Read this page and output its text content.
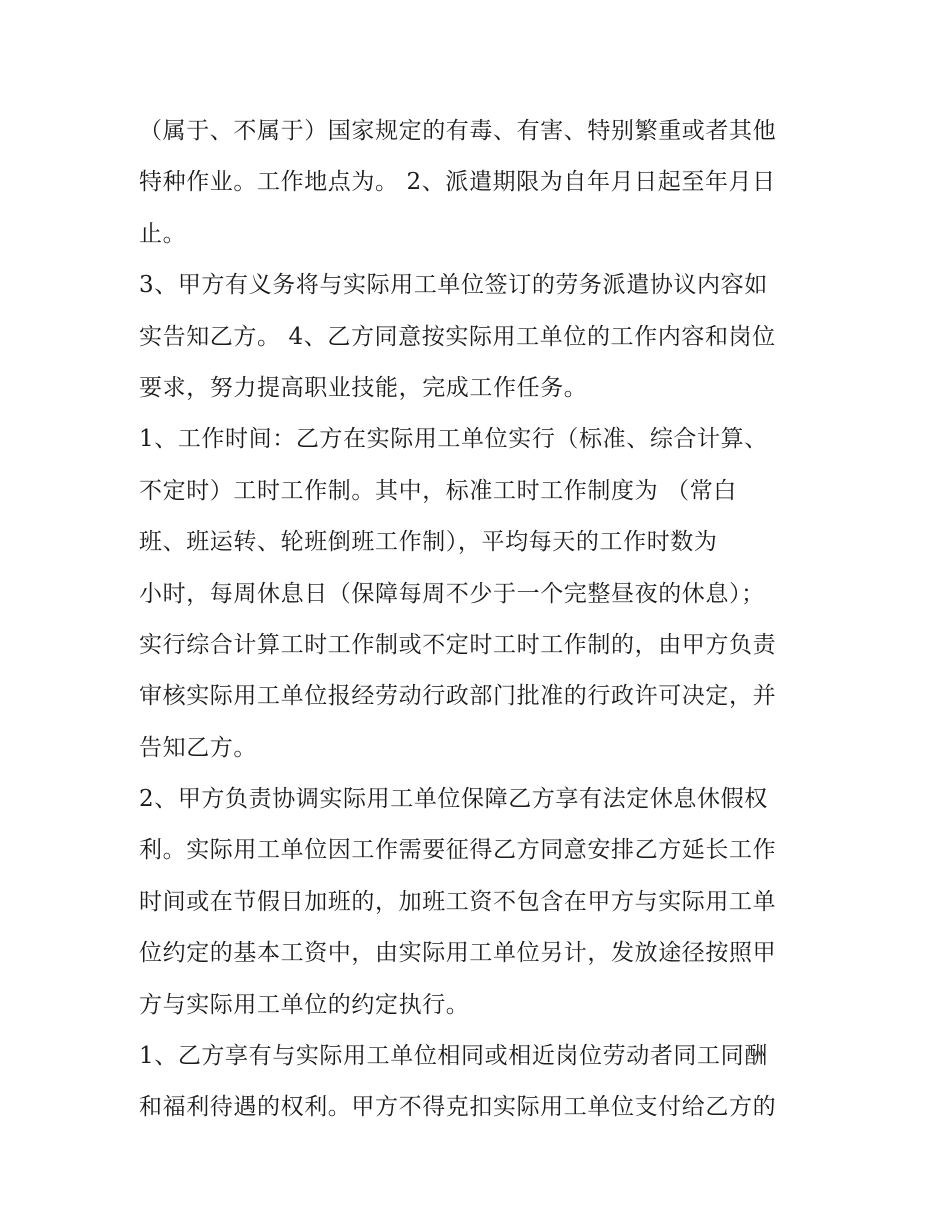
（属于、不属于）国家规定的有毒、有害、特别繁重或者其他
特种作业。工作地点为。 2、派遣期限为自年月日起至年月日
止。
3、甲方有义务将与实际用工单位签订的劳务派遣协议内容如
实告知乙方。 4、乙方同意按实际用工单位的工作内容和岗位
要求，努力提高职业技能，完成工作任务。
1、工作时间：乙方在实际用工单位实行（标准、综合计算、
不定时）工时工作制。其中，标准工时工作制度为 （常白
班、班运转、轮班倒班工作制），平均每天的工作时数为
小时，每周休息日（保障每周不少于一个完整昼夜的休息）；
实行综合计算工时工作制或不定时工时工作制的，由甲方负责
审核实际用工单位报经劳动行政部门批准的行政许可决定，并
告知乙方。
2、甲方负责协调实际用工单位保障乙方享有法定休息休假权
利。实际用工单位因工作需要征得乙方同意安排乙方延长工作
时间或在节假日加班的，加班工资不包含在甲方与实际用工单
位约定的基本工资中，由实际用工单位另计，发放途径按照甲
方与实际用工单位的约定执行。
1、乙方享有与实际用工单位相同或相近岗位劳动者同工同酬
和福利待遇的权利。甲方不得克扣实际用工单位支付给乙方的
